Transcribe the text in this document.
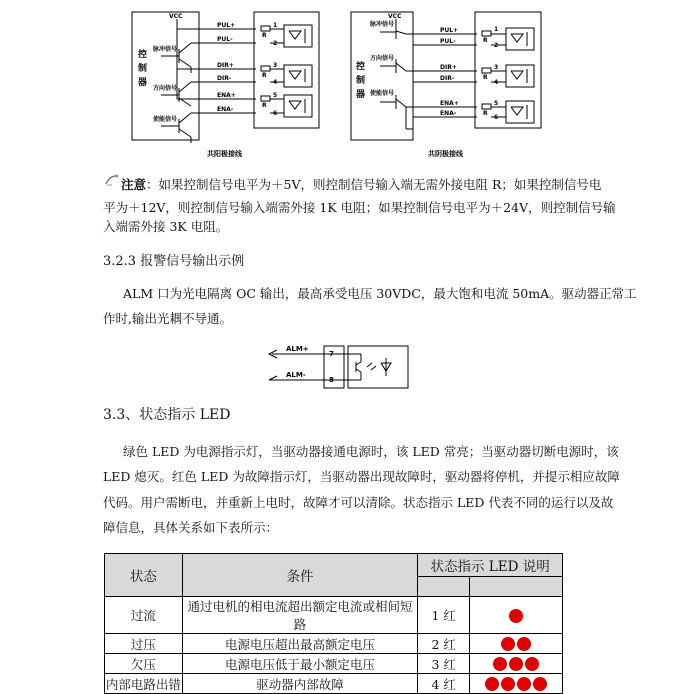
VCC
控
制
器
脉冲信号
方向信号
使能信号
PUL+
PUL-
DIR+
DIR-
ENA+
ENA-
1
2
3
4
5
6
R
R
R
共阳极接线
VCC
控
制
器
脉冲信号
方向信号
使能信号
PUL+
PUL-
DIR+
DIR-
ENA+
ENA-
1
2
3
4
5
6
R
R
R
共阴极接线
注意：如果控制信号电平为＋5V，则控制信号输入端无需外接电阻 R；如果控制信号电
平为＋12V，则控制信号输入端需外接 1K 电阻；如果控制信号电平为＋24V，则控制信号输
入端需外接 3K 电阻。
3.2.3 报警信号输出示例
ALM 口为光电隔离 OC 输出，最高承受电压 30VDC，最大饱和电流 50mA。驱动器正常工
作时,输出光耦不导通。
ALM+
ALM-
7
8
3.3、状态指示 LED
绿色 LED 为电源指示灯，当驱动器接通电源时，该 LED 常亮；当驱动器切断电源时，该
LED 熄灭。红色 LED 为故障指示灯，当驱动器出现故障时，驱动器将停机，并提示相应故障
代码。用户需断电，并重新上电时，故障才可以清除。状态指示 LED 代表不同的运行以及故
障信息，具体关系如下表所示：
状态	条件	状态指示 LED 说明	

过流	通过电机的相电流超出额定电流或相间短路	1 红	
过压	电源电压超出最高额定电压	2 红	
欠压	电源电压低于最小额定电压	3 红	
内部电路出错	驱动器内部故障	4 红	
